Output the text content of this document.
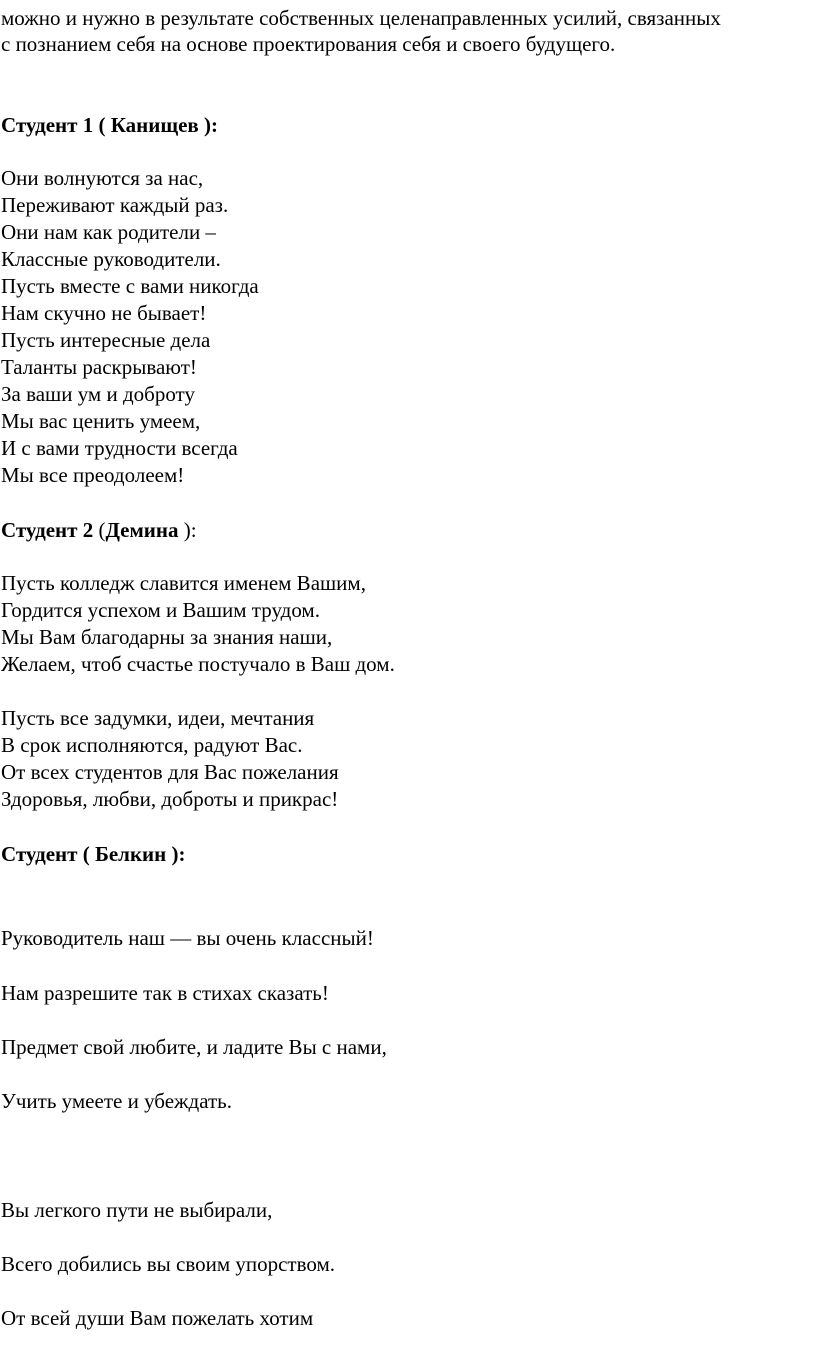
можно и нужно в результате собственных целенаправленных усилий, связанных
с познанием себя на основе проектирования себя и своего будущего.
Студент 1 ( Канищев ):
Они волнуются за нас,
Переживают каждый раз.
Они нам как родители –
Классные руководители.
Пусть вместе с вами никогда
Нам скучно не бывает!
Пусть интересные дела
Таланты раскрывают!
За ваши ум и доброту
Мы вас ценить умеем,
И с вами трудности всегда
Мы все преодолеем!
Студент 2 (Демина ):
Пусть колледж славится именем Вашим,
Гордится успехом и Вашим трудом.
Мы Вам благодарны за знания наши,
Желаем, чтоб счастье постучало в Ваш дом.
Пусть все задумки, идеи, мечтания
В срок исполняются, радуют Вас.
От всех студентов для Вас пожелания
Здоровья, любви, доброты и прикрас!
Студент ( Белкин ):
Руководитель наш — вы очень классный!
Нам разрешите так в стихах сказать!
Предмет свой любите, и ладите Вы с нами,
Учить умеете и убеждать.
Вы легкого пути не выбирали,
Всего добились вы своим упорством.
От всей души Вам пожелать хотим
